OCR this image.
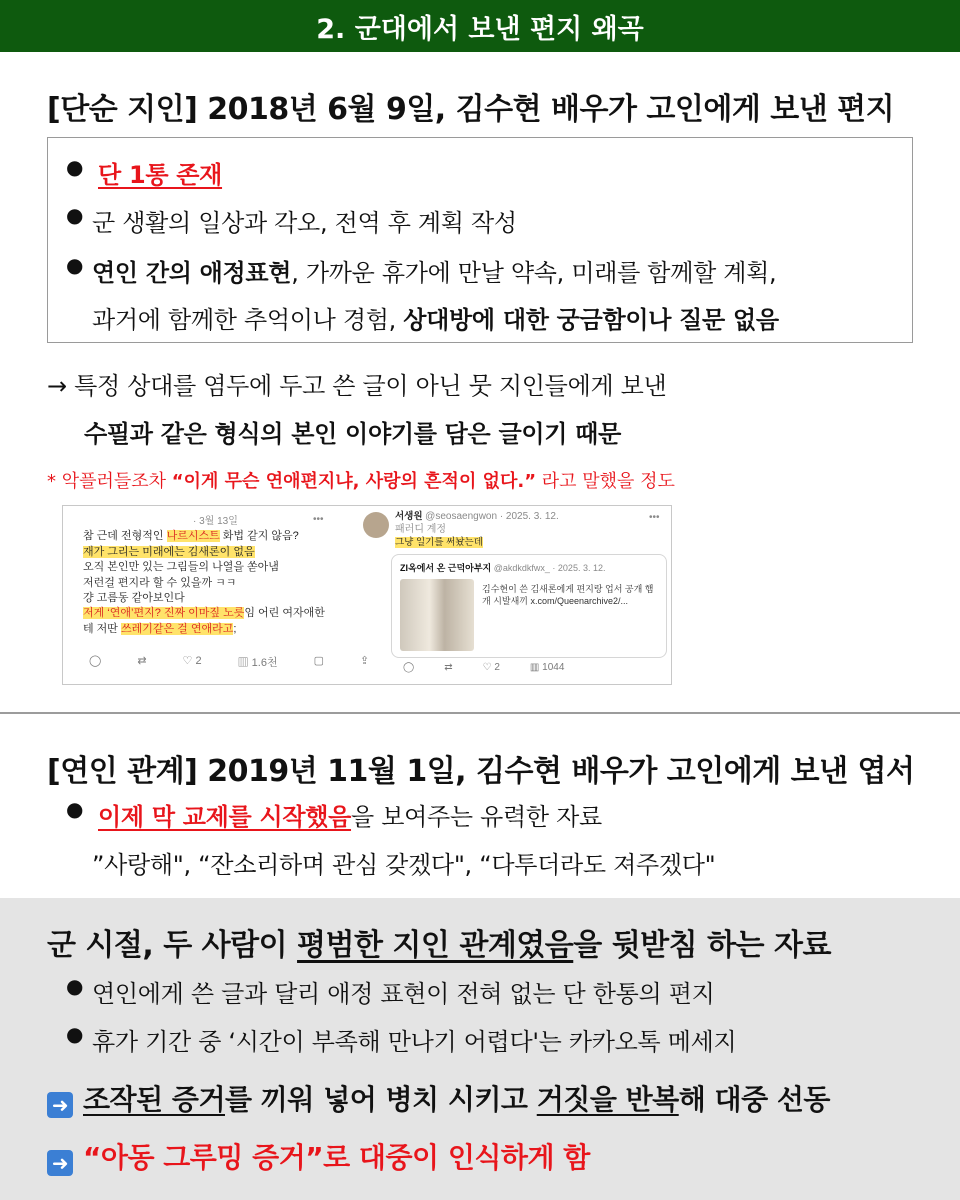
2. 군대에서 보낸 편지 왜곡
[단순 지인] 2018년 6월 9일, 김수현 배우가 고인에게 보낸 편지
● 단 1통 존재
● 군 생활의 일상과 각오, 전역 후 계획 작성
● 연인 간의 애정표현, 가까운 휴가에 만날 약속, 미래를 함께할 계획,
과거에 함께한 추억이나 경험, 상대방에 대한 궁금함이나 질문 없음
→ 특정 상대를 염두에 두고 쓴 글이 아닌 뭇 지인들에게 보낸
수필과 같은 형식의 본인 이야기를 담은 글이기 때문
* 악플러들조차 “이게 무슨 연애편지냐, 사랑의 흔적이 없다.” 라고 말했을 정도
· 3월 13일
참 근데 전형적인 나르시스트 화법 같지 않음?
재가 그리는 미래에는 김새론이 없음
오직 본인만 있는 그림들의 나열을 쏟아냄
저런걸 편지라 할 수 있을까 ㅋㅋ
걍 고름동 같아보인다
저게 ‘연애’편지? 진짜 이마짚 노릇임 어린 여자애한
테 저딴 쓰레기같은 걸 연애라고;
•••
◯	⇄	♡ 2	▥ 1.6천	▢	⇪
서생원 @seosaengwon · 2025. 3. 12.
패러디 계정
그냥 일기를 써놨는데
•••
ZI옥에서 온 근덕아부지 @akdkdkfwx_ · 2025. 3. 12.
김수현이 쓴 김새론에게 편지랑 업서 공개 햄 개 시발새끼 x.com/Queenarchive2/...
◯	⇄	♡ 2	▥ 1044
[연인 관계] 2019년 11월 1일, 김수현 배우가 고인에게 보낸 엽서
● 이제 막 교제를 시작했음을 보여주는 유력한 자료
”사랑해", “잔소리하며 관심 갖겠다", “다투더라도 져주겠다"
군 시절, 두 사람이 평범한 지인 관계였음을 뒷받침 하는 자료
● 연인에게 쓴 글과 달리 애정 표현이 전혀 없는 단 한통의 편지
● 휴가 기간 중 ‘시간이 부족해 만나기 어렵다'는 카카오톡 메세지
➜ 조작된 증거를 끼워 넣어 병치 시키고 거짓을 반복해 대중 선동
➜ “아동 그루밍 증거”로 대중이 인식하게 함
